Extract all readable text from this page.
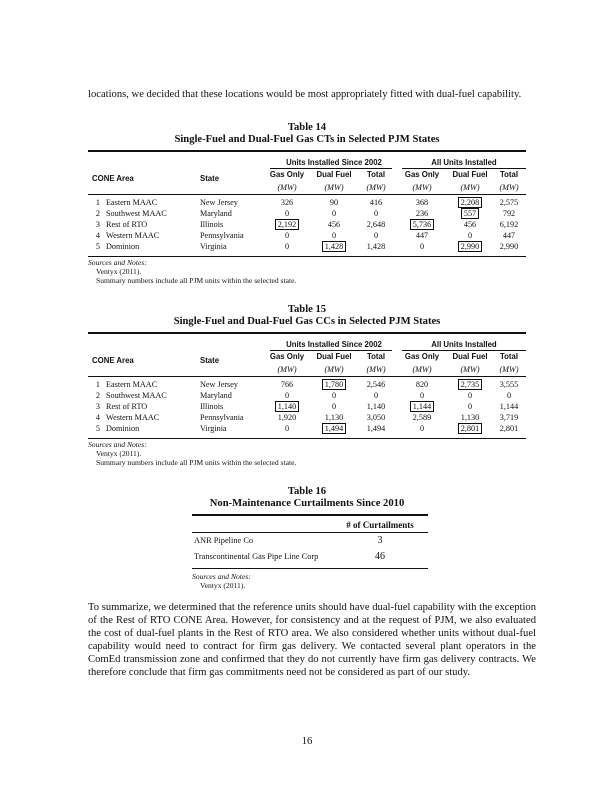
locations, we decided that these locations would be most appropriately fitted with dual-fuel capability.

Table 14
Single-Fuel and Dual-Fuel Gas CTs in Selected PJM States
Units Installed Since 2002	All Units Installed
CONE Area	State	Gas Only	Dual Fuel	Total	Gas Only	Dual Fuel	Total
(MW)	(MW)	(MW)	(MW)	(MW)	(MW)
1 Eastern MAAC	New Jersey	326	90	416	368	2,208	2,575
2 Southwest MAAC	Maryland	0	0	0	236	557	792
3 Rest of RTO	Illinois	2,192	456	2,648	5,736	456	6,192
4 Western MAAC	Pennsylvania	0	0	0	447	0	447
5 Dominion	Virginia	0	1,428	1,428	0	2,990	2,990
Sources and Notes:
Ventyx (2011).
Summary numbers include all PJM units within the selected state.
Table 15
Single-Fuel and Dual-Fuel Gas CCs in Selected PJM States
Units Installed Since 2002	All Units Installed
CONE Area	State	Gas Only	Dual Fuel	Total	Gas Only	Dual Fuel	Total
(MW)	(MW)	(MW)	(MW)	(MW)	(MW)
1 Eastern MAAC	New Jersey	766	1,780	2,546	820	2,735	3,555
2 Southwest MAAC	Maryland	0	0	0	0	0	0
3 Rest of RTO	Illinois	1,140	0	1,140	1,144	0	1,144
4 Western MAAC	Pennsylvania	1,920	1,130	3,050	2,589	1,130	3,719
5 Dominion	Virginia	0	1,494	1,494	0	2,801	2,801
Sources and Notes:
Ventyx (2011).
Summary numbers include all PJM units within the selected state.
Table 16
Non-Maintenance Curtailments Since 2010
# of Curtailments
ANR Pipeline Co	3
Transcontinental Gas Pipe Line Corp	46
Sources and Notes:
Ventyx (2011).

To summarize, we determined that the reference units should have dual-fuel capability with the exception of the Rest of RTO CONE Area. However, for consistency and at the request of PJM, we also evaluated the cost of dual-fuel plants in the Rest of RTO area. We also considered whether units without dual-fuel capability would need to contract for firm gas delivery. We contacted several plant operators in the ComEd transmission zone and confirmed that they do not currently have firm gas delivery contracts. We therefore conclude that firm gas commitments need not be considered as part of our study.

16
